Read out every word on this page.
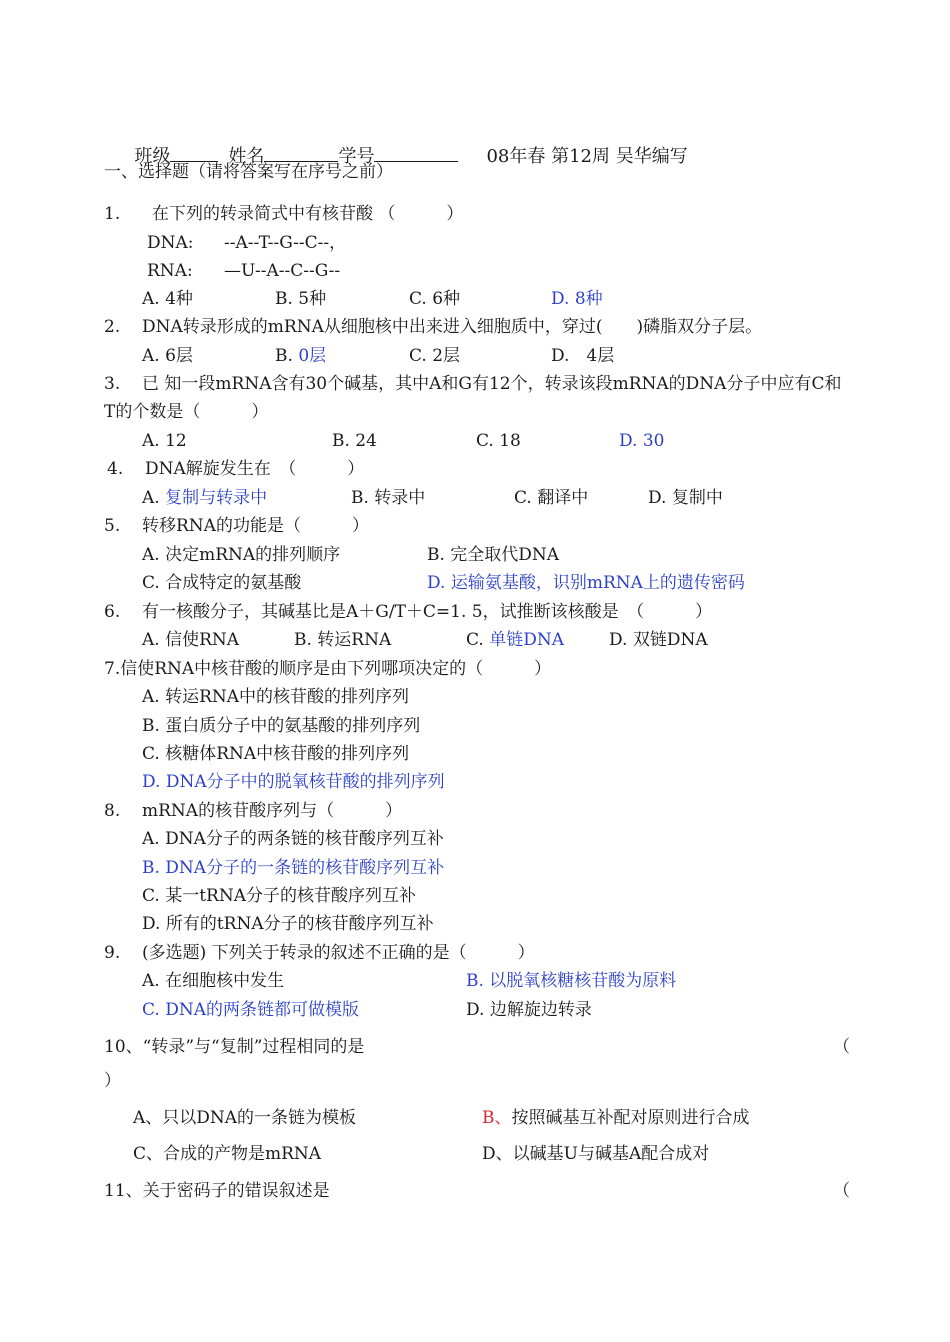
班级	姓名	学号	08年春 第12周 吴华编写

一、选择题（请将答案写在序号之前）
1. 在下列的转录简式中有核苷酸 （　　　）
DNA: --A--T--G--C--，
RNA: —U--A--C--G--
A. 4种	B. 5种	C. 6种	D. 8种
2. DNA转录形成的mRNA从细胞核中出来进入细胞质中，穿过(　　)磷脂双分子层。
A. 6层	B. 0层	C. 2层	D.　4层
3. 已 知一段mRNA含有30个碱基，其中A和G有12个，转录该段mRNA的DNA分子中应有C和
T的个数是（　　　）
A. 12	B. 24	C. 18	D. 30
4. DNA解旋发生在　（　　　）
A. 复制与转录中	B. 转录中	C. 翻译中	D. 复制中
5. 转移RNA的功能是（　　　）
A. 决定mRNA的排列顺序	B. 完全取代DNA
C. 合成特定的氨基酸	D. 运输氨基酸，识别mRNA上的遗传密码
6. 有一核酸分子，其碱基比是A＋G/T＋C=1. 5，试推断该核酸是　（　　　）
A. 信使RNA	B. 转运RNA	C. 单链DNA	D. 双链DNA
7.信使RNA中核苷酸的顺序是由下列哪项决定的（　　　）
A. 转运RNA中的核苷酸的排列序列
B. 蛋白质分子中的氨基酸的排列序列
C. 核糖体RNA中核苷酸的排列序列
D. DNA分子中的脱氧核苷酸的排列序列
8. mRNA的核苷酸序列与（　　　）
A. DNA分子的两条链的核苷酸序列互补
B. DNA分子的一条链的核苷酸序列互补
C. 某一tRNA分子的核苷酸序列互补
D. 所有的tRNA分子的核苷酸序列互补
9. (多选题) 下列关于转录的叙述不正确的是（　　　）
A. 在细胞核中发生	B. 以脱氧核糖核苷酸为原料
C. DNA的两条链都可做模版	D. 边解旋边转录
10、“转录”与“复制”过程相同的是	（
）
A、只以DNA的一条链为模板	B、按照碱基互补配对原则进行合成
C、合成的产物是mRNA	D、以碱基U与碱基A配合成对
11、关于密码子的错误叙述是	（
